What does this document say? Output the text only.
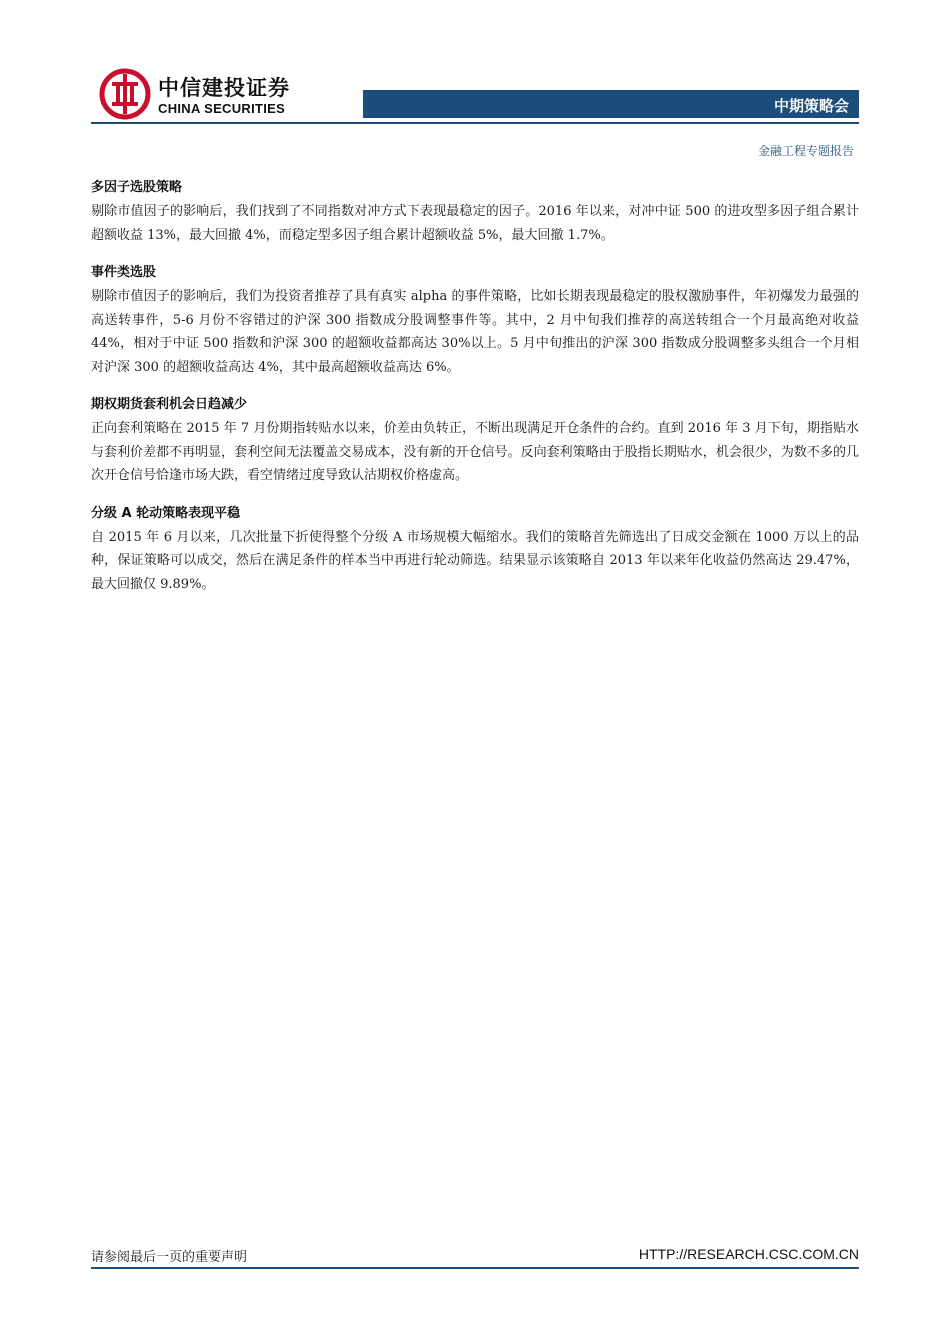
中信建投证券
CHINA SECURITIES	中期策略会
金融工程专题报告
多因子选股策略
剔除市值因子的影响后，我们找到了不同指数对冲方式下表现最稳定的因子。2016 年以来，对冲中证 500 的进攻型多因子组合累计超额收益 13%，最大回撤 4%，而稳定型多因子组合累计超额收益 5%，最大回撤 1.7%。
事件类选股
剔除市值因子的影响后，我们为投资者推荐了具有真实 alpha 的事件策略，比如长期表现最稳定的股权激励事件，年初爆发力最强的高送转事件，5-6 月份不容错过的沪深 300 指数成分股调整事件等。其中，2 月中旬我们推荐的高送转组合一个月最高绝对收益 44%，相对于中证 500 指数和沪深 300 的超额收益都高达 30%以上。5 月中旬推出的沪深 300 指数成分股调整多头组合一个月相对沪深 300 的超额收益高达 4%，其中最高超额收益高达 6%。
期权期货套利机会日趋减少
正向套利策略在 2015 年 7 月份期指转贴水以来，价差由负转正，不断出现满足开仓条件的合约。直到 2016 年 3 月下旬，期指贴水与套利价差都不再明显，套利空间无法覆盖交易成本，没有新的开仓信号。反向套利策略由于股指长期贴水，机会很少，为数不多的几次开仓信号恰逢市场大跌，看空情绪过度导致认沽期权价格虚高。
分级 A 轮动策略表现平稳
自 2015 年 6 月以来，几次批量下折使得整个分级 A 市场规模大幅缩水。我们的策略首先筛选出了日成交金额在 1000 万以上的品种，保证策略可以成交，然后在满足条件的样本当中再进行轮动筛选。结果显示该策略自 2013 年以来年化收益仍然高达 29.47%，最大回撤仅 9.89%。
请参阅最后一页的重要声明	HTTP://RESEARCH.CSC.COM.CN
